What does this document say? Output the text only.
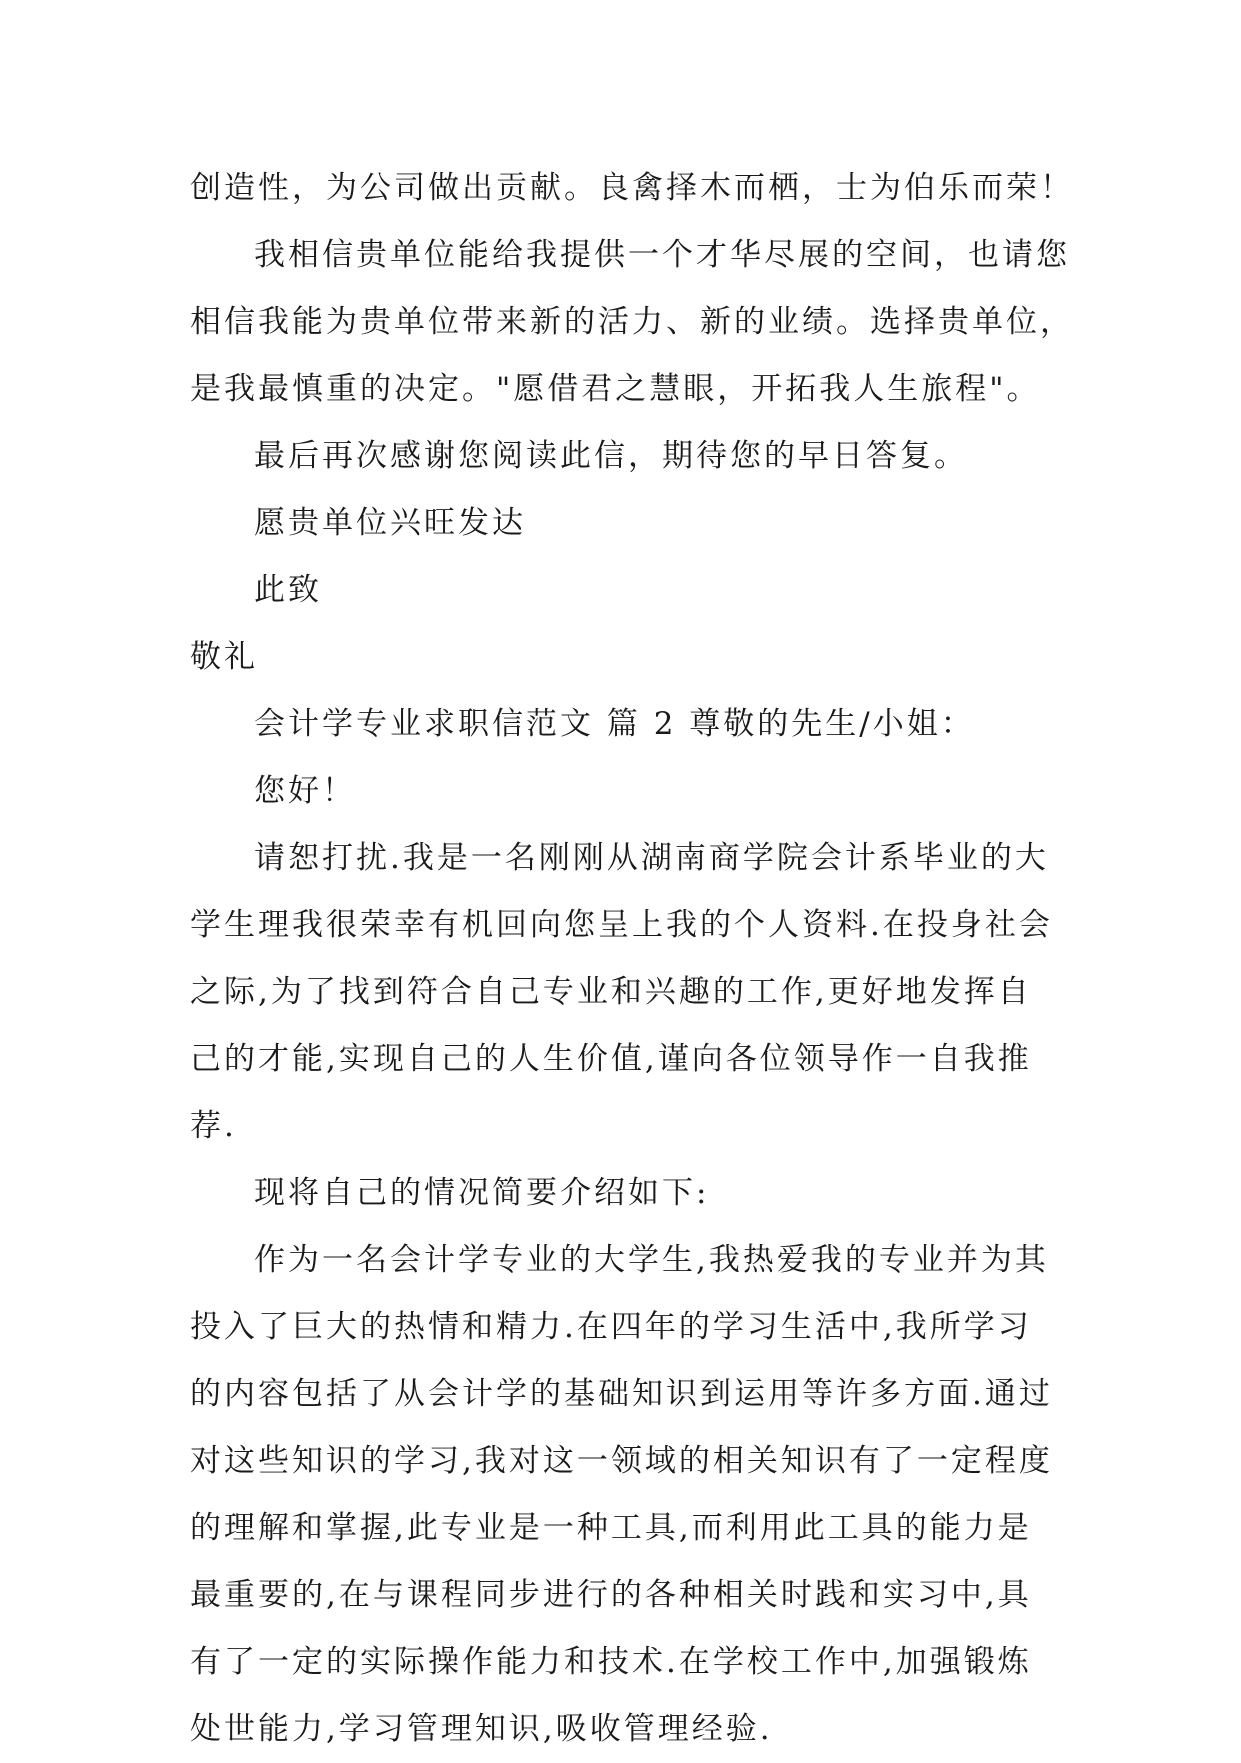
创造性，为公司做出贡献。良禽择木而栖，士为伯乐而荣！
我相信贵单位能给我提供一个才华尽展的空间，也请您
相信我能为贵单位带来新的活力、新的业绩。选择贵单位，
是我最慎重的决定。"愿借君之慧眼，开拓我人生旅程"。
最后再次感谢您阅读此信，期待您的早日答复。
愿贵单位兴旺发达
此致
敬礼
会计学专业求职信范文 篇 2 尊敬的先生/小姐：
您好！
请恕打扰.我是一名刚刚从湖南商学院会计系毕业的大
学生理我很荣幸有机回向您呈上我的个人资料.在投身社会
之际,为了找到符合自己专业和兴趣的工作,更好地发挥自
己的才能,实现自己的人生价值,谨向各位领导作一自我推
荐.
现将自己的情况简要介绍如下:
作为一名会计学专业的大学生,我热爱我的专业并为其
投入了巨大的热情和精力.在四年的学习生活中,我所学习
的内容包括了从会计学的基础知识到运用等许多方面.通过
对这些知识的学习,我对这一领域的相关知识有了一定程度
的理解和掌握,此专业是一种工具,而利用此工具的能力是
最重要的,在与课程同步进行的各种相关时践和实习中,具
有了一定的实际操作能力和技术.在学校工作中,加强锻炼
处世能力,学习管理知识,吸收管理经验.
